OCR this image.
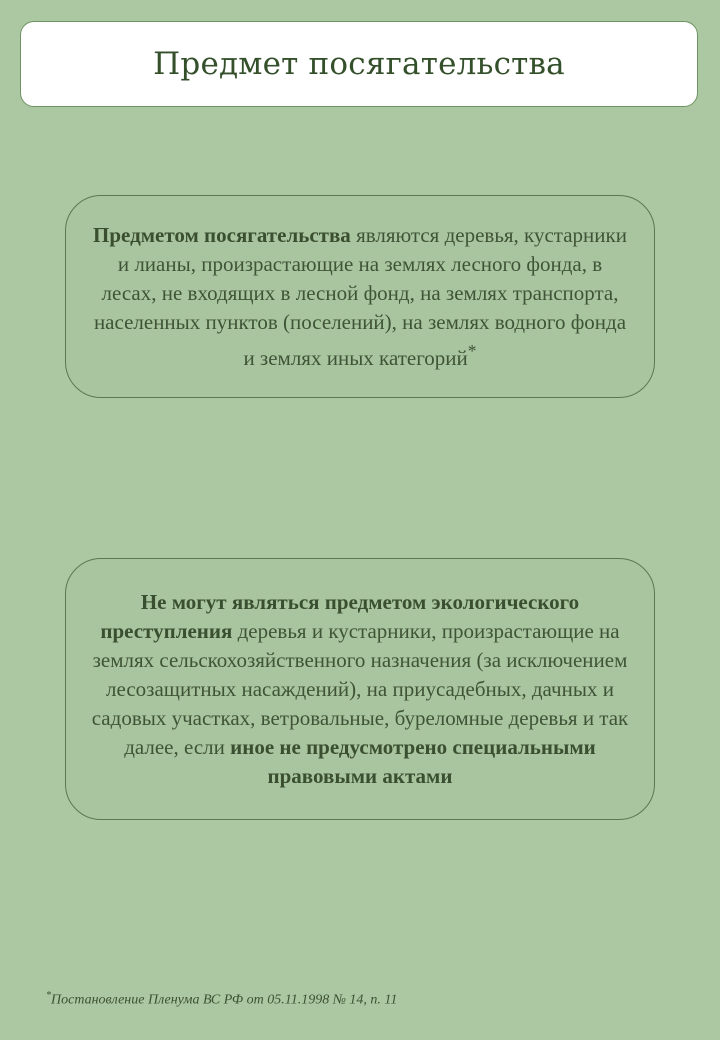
Предмет посягательства

Предметом посягательства являются деревья, кустарники и лианы, произрастающие на землях лесного фонда, в лесах, не входящих в лесной фонд, на землях транспорта, населенных пунктов (поселений), на землях водного фонда и землях иных категорий*

Не могут являться предметом экологического преступления деревья и кустарники, произрастающие на землях сельскохозяйственного назначения (за исключением лесозащитных насаждений), на приусадебных, дачных и садовых участках, ветровальные, буреломные деревья и так далее, если иное не предусмотрено специальными правовыми актами

*Постановление Пленума ВС РФ от 05.11.1998 № 14, п. 11
